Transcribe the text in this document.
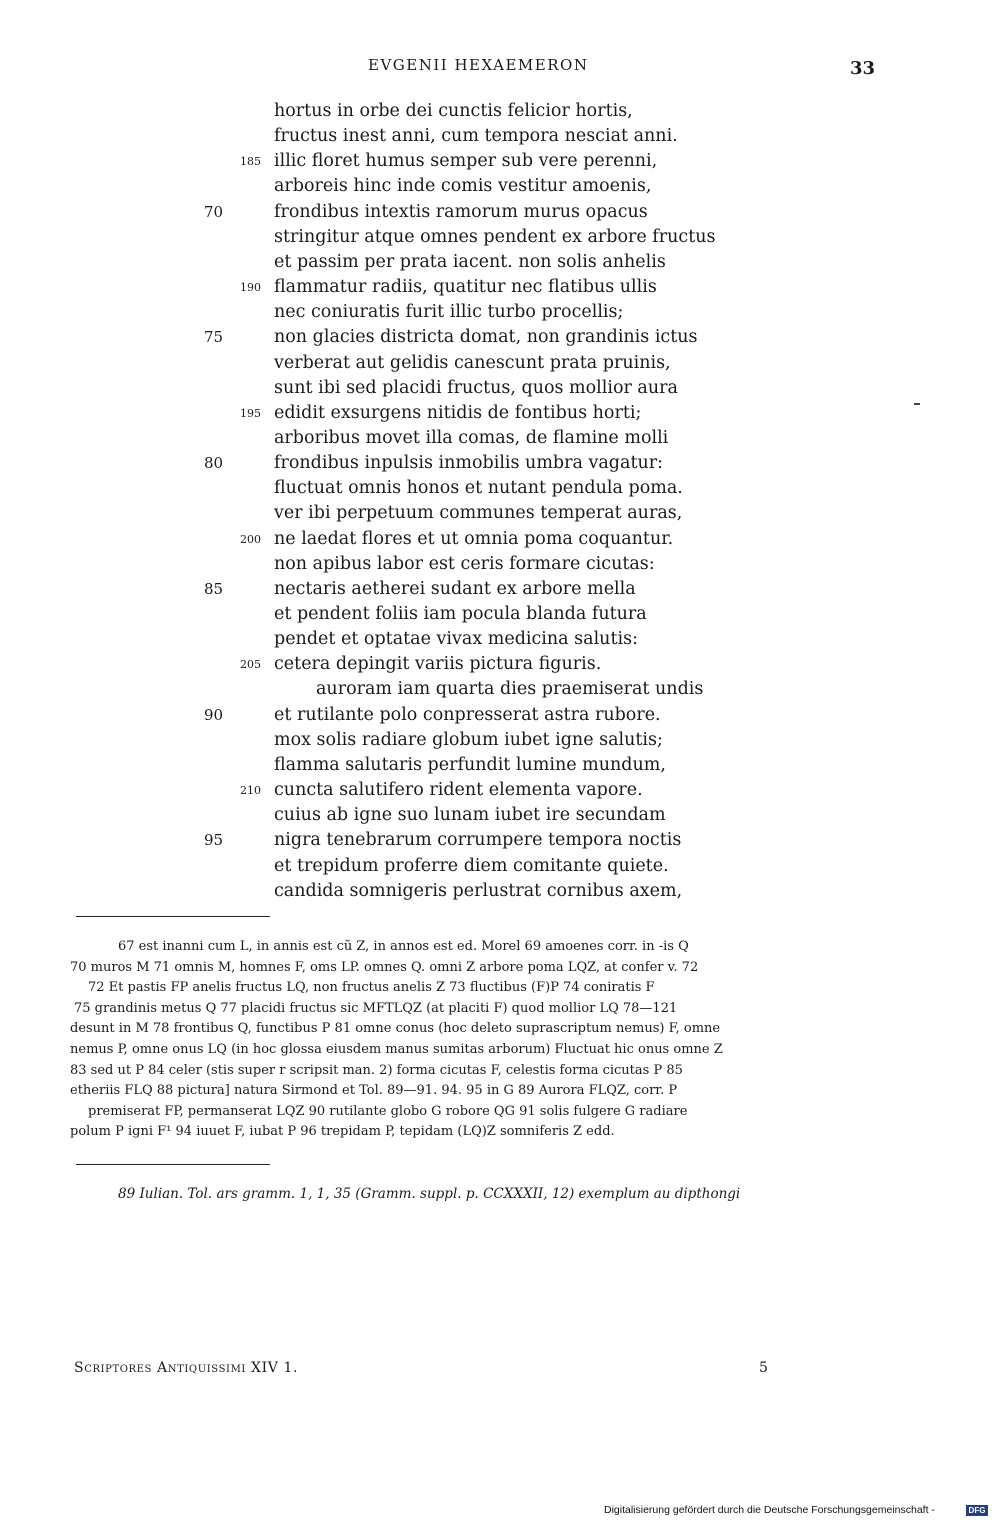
EVGENII HEXAEMERON	33
hortus in orbe dei cunctis felicior hortis,
fructus inest anni, cum tempora nesciat anni.
illic floret humus semper sub vere perenni,
185
arboreis hinc inde comis vestitur amoenis,
frondibus intextis ramorum murus opacus
70
stringitur atque omnes pendent ex arbore fructus
et passim per prata iacent. non solis anhelis
flammatur radiis, quatitur nec flatibus ullis
190
nec coniuratis furit illic turbo procellis;
non glacies districta domat, non grandinis ictus
75
verberat aut gelidis canescunt prata pruinis,
sunt ibi sed placidi fructus, quos mollior aura
edidit exsurgens nitidis de fontibus horti;
195
arboribus movet illa comas, de flamine molli
frondibus inpulsis inmobilis umbra vagatur:
80
fluctuat omnis honos et nutant pendula poma.
ver ibi perpetuum communes temperat auras,
ne laedat flores et ut omnia poma coquantur.
200
non apibus labor est ceris formare cicutas:
nectaris aetherei sudant ex arbore mella
85
et pendent foliis iam pocula blanda futura
pendet et optatae vivax medicina salutis:
cetera depingit variis pictura figuris.
205
auroram iam quarta dies praemiserat undis
et rutilante polo conpresserat astra rubore.
90
mox solis radiare globum iubet igne salutis;
flamma salutaris perfundit lumine mundum,
cuncta salutifero rident elementa vapore.
210
cuius ab igne suo lunam iubet ire secundam
nigra tenebrarum corrumpere tempora noctis
95
et trepidum proferre diem comitante quiete.
candida somnigeris perlustrat cornibus axem,
67 est inanni cum L, in annis est cũ Z, in annos est ed. Morel 69 amoenes corr. in -is Q
70 muros M 71 omnis M, homnes F, oms LP. omnes Q. omni Z arbore poma LQZ, at confer v. 72
72 Et pastis FP anelis fructus LQ, non fructus anelis Z 73 fluctibus (F)P 74 coniratis F
75 grandinis metus Q 77 placidi fructus sic MFTLQZ (at placiti F) quod mollior LQ 78—121
desunt in M 78 frontibus Q, functibus P 81 omne conus (hoc deleto suprascriptum nemus) F, omne
nemus P, omne onus LQ (in hoc glossa eiusdem manus sumitas arborum) Fluctuat hic onus omne Z
83 sed ut P 84 celer (stis super r scripsit man. 2) forma cicutas F, celestis forma cicutas P 85
etheriis FLQ 88 pictura] natura Sirmond et Tol. 89—91. 94. 95 in G 89 Aurora FLQZ, corr. P
premiserat FP, permanserat LQZ 90 rutilante globo G robore QG 91 solis fulgere G radiare
polum P igni F¹ 94 iuuet F, iubat P 96 trepidam P, tepidam (LQ)Z somniferis Z edd.
89 Iulian. Tol. ars gramm. 1, 1, 35 (Gramm. suppl. p. CCXXXII, 12) exemplum au dipthongi
Scriptores Antiquissimi XIV 1.	5
Digitalisierung gefördert durch die Deutsche Forschungsgemeinschaft -	DFG
